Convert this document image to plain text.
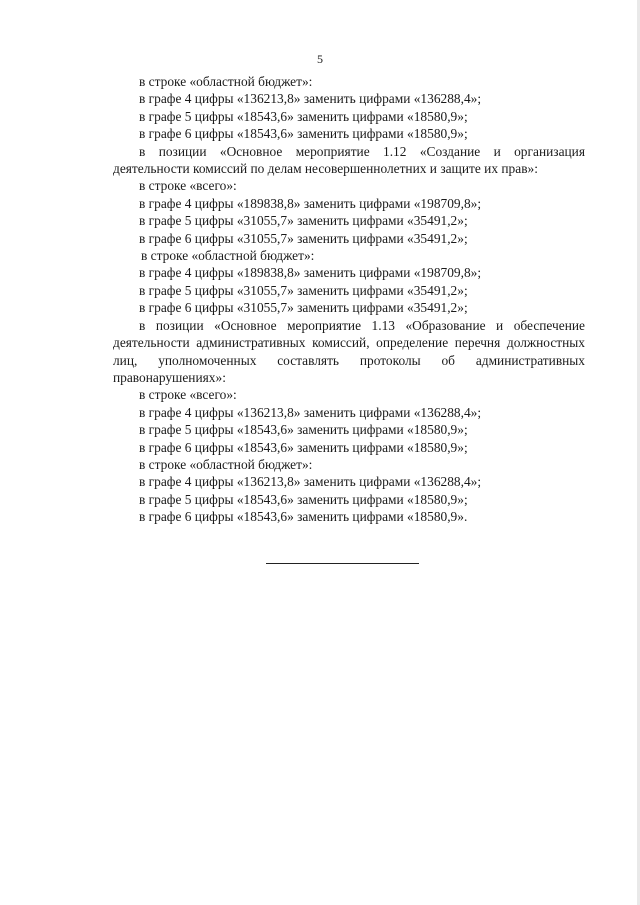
5
в строке «областной бюджет»:
в графе 4 цифры «136213,8» заменить цифрами «136288,4»;
в графе 5 цифры «18543,6» заменить цифрами «18580,9»;
в графе 6 цифры «18543,6» заменить цифрами «18580,9»;
в позиции «Основное мероприятие 1.12 «Создание и организация
деятельности комиссий по делам несовершеннолетних и защите их прав»:
в строке «всего»:
в графе 4 цифры «189838,8» заменить цифрами «198709,8»;
в графе 5 цифры «31055,7» заменить цифрами «35491,2»;
в графе 6 цифры «31055,7» заменить цифрами «35491,2»;
в строке «областной бюджет»:
в графе 4 цифры «189838,8» заменить цифрами «198709,8»;
в графе 5 цифры «31055,7» заменить цифрами «35491,2»;
в графе 6 цифры «31055,7» заменить цифрами «35491,2»;
в позиции «Основное мероприятие 1.13 «Образование и обеспечение
деятельности административных комиссий, определение перечня должностных
лиц, уполномоченных составлять протоколы об административных
правонарушениях»:
в строке «всего»:
в графе 4 цифры «136213,8» заменить цифрами «136288,4»;
в графе 5 цифры «18543,6» заменить цифрами «18580,9»;
в графе 6 цифры «18543,6» заменить цифрами «18580,9»;
в строке «областной бюджет»:
в графе 4 цифры «136213,8» заменить цифрами «136288,4»;
в графе 5 цифры «18543,6» заменить цифрами «18580,9»;
в графе 6 цифры «18543,6» заменить цифрами «18580,9».
